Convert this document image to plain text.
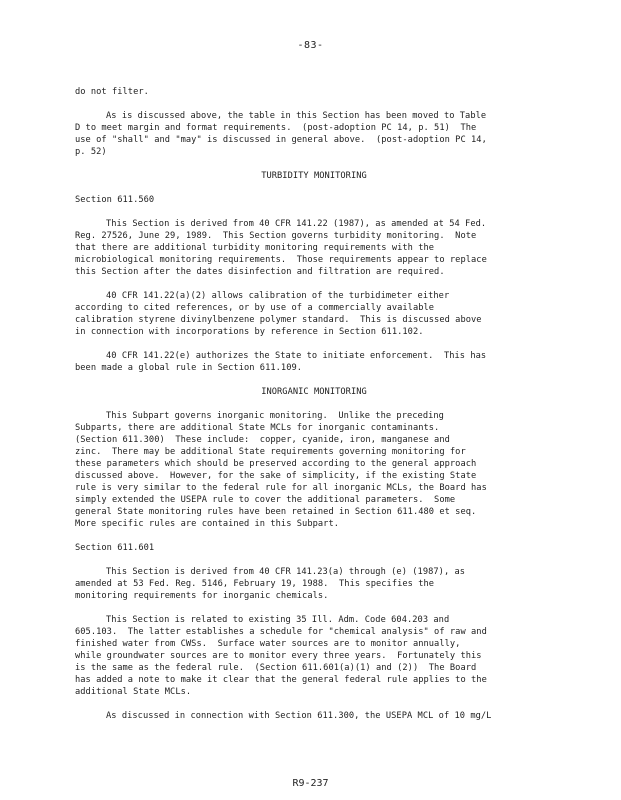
-83-
do not filter.
As is discussed above, the table in this Section has been moved to Table
D to meet margin and format requirements.  (post-adoption PC 14, p. 51)  The
use of "shall" and "may" is discussed in general above.  (post-adoption PC 14,
p. 52)
TURBIDITY MONITORING
Section 611.560
This Section is derived from 40 CFR 141.22 (1987), as amended at 54 Fed.
Reg. 27526, June 29, 1989.  This Section governs turbidity monitoring.  Note
that there are additional turbidity monitoring requirements with the
microbiological monitoring requirements.  Those requirements appear to replace
this Section after the dates disinfection and filtration are required.
40 CFR 141.22(a)(2) allows calibration of the turbidimeter either
according to cited references, or by use of a commercially available
calibration styrene divinylbenzene polymer standard.  This is discussed above
in connection with incorporations by reference in Section 611.102.
40 CFR 141.22(e) authorizes the State to initiate enforcement.  This has
been made a global rule in Section 611.109.
INORGANIC MONITORING
This Subpart governs inorganic monitoring.  Unlike the preceding
Subparts, there are additional State MCLs for inorganic contaminants.
(Section 611.300)  These include:  copper, cyanide, iron, manganese and
zinc.  There may be additional State requirements governing monitoring for
these parameters which should be preserved according to the general approach
discussed above.  However, for the sake of simplicity, if the existing State
rule is very similar to the federal rule for all inorganic MCLs, the Board has
simply extended the USEPA rule to cover the additional parameters.  Some
general State monitoring rules have been retained in Section 611.480 et seq.
More specific rules are contained in this Subpart.
Section 611.601
This Section is derived from 40 CFR 141.23(a) through (e) (1987), as
amended at 53 Fed. Reg. 5146, February 19, 1988.  This specifies the
monitoring requirements for inorganic chemicals.
This Section is related to existing 35 Ill. Adm. Code 604.203 and
605.103.  The latter establishes a schedule for "chemical analysis" of raw and
finished water from CWSs.  Surface water sources are to monitor annually,
while groundwater sources are to monitor every three years.  Fortunately this
is the same as the federal rule.  (Section 611.601(a)(1) and (2))  The Board
has added a note to make it clear that the general federal rule applies to the
additional State MCLs.
As discussed in connection with Section 611.300, the USEPA MCL of 10 mg/L
R9-237
